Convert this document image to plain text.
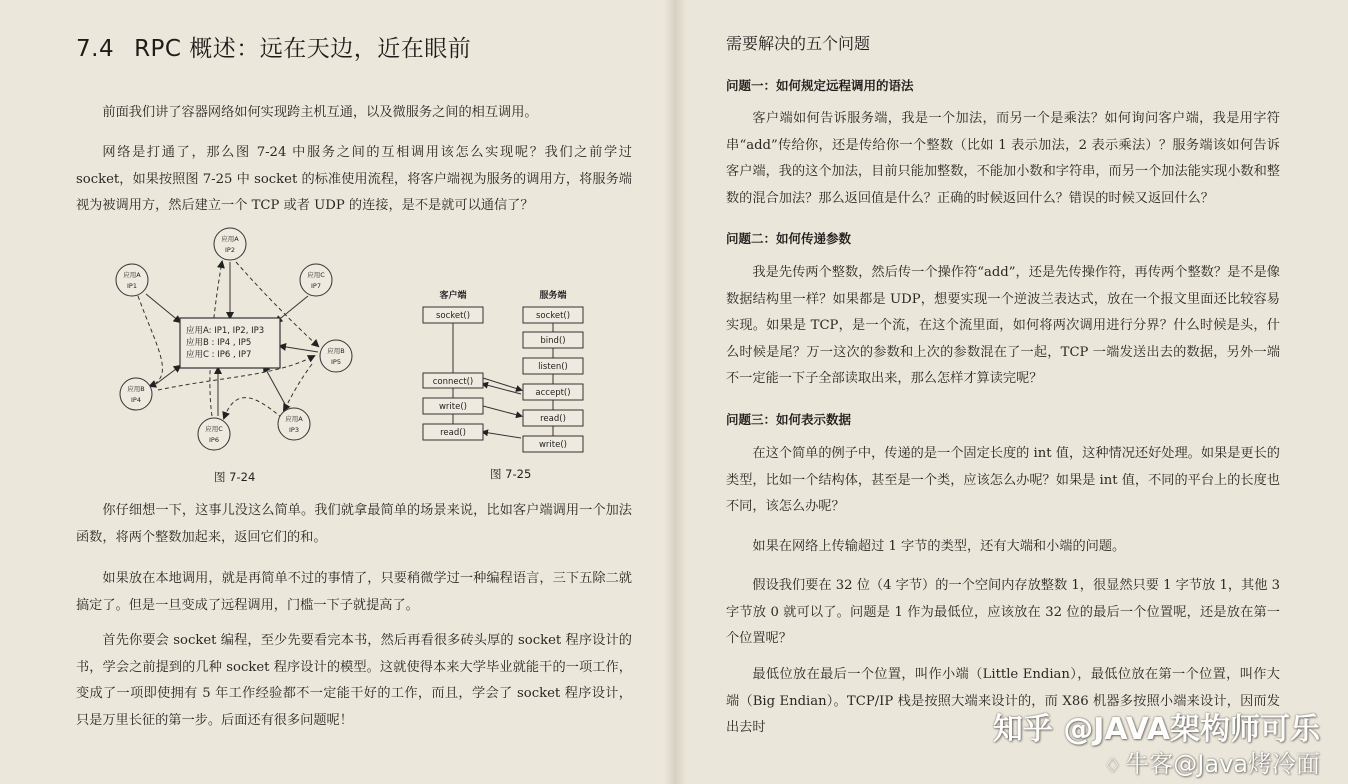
7.4 RPC 概述：远在天边，近在眼前

前面我们讲了容器网络如何实现跨主机互通，以及微服务之间的相互调用。

网络是打通了，那么图 7-24 中服务之间的互相调用该怎么实现呢？我们之前学过 socket，如果按照图 7-25 中 socket 的标准使用流程，将客户端视为服务的调用方，将服务端视为被调用方，然后建立一个 TCP 或者 UDP 的连接，是不是就可以通信了？

应用A: IP1, IP2, IP3
应用B : IP4 , IP5
应用C : IP6 , IP7
应用A
IP2
应用A
IP1
应用C
IP7
应用B
IP5
应用B
IP4
应用C
IP6
应用A
IP3

图 7-24

客户端	服务端
socket()
connect()
write()
read()
socket()
bind()
listen()
accept()
read()
write()

图 7-25

你仔细想一下，这事儿没这么简单。我们就拿最简单的场景来说，比如客户端调用一个加法函数，将两个整数加起来，返回它们的和。

如果放在本地调用，就是再简单不过的事情了，只要稍微学过一种编程语言，三下五除二就搞定了。但是一旦变成了远程调用，门槛一下子就提高了。

首先你要会 socket 编程，至少先要看完本书，然后再看很多砖头厚的 socket 程序设计的书，学会之前提到的几种 socket 程序设计的模型。这就使得本来大学毕业就能干的一项工作，变成了一项即使拥有 5 年工作经验都不一定能干好的工作，而且，学会了 socket 程序设计，只是万里长征的第一步。后面还有很多问题呢！

需要解决的五个问题
问题一：如何规定远程调用的语法

客户端如何告诉服务端，我是一个加法，而另一个是乘法？如何询问客户端，我是用字符串“add”传给你，还是传给你一个整数（比如 1 表示加法，2 表示乘法）？服务端该如何告诉客户端，我的这个加法，目前只能加整数，不能加小数和字符串，而另一个加法能实现小数和整数的混合加法？那么返回值是什么？正确的时候返回什么？错误的时候又返回什么？

问题二：如何传递参数

我是先传两个整数，然后传一个操作符“add”，还是先传操作符，再传两个整数？是不是像数据结构里一样？如果都是 UDP，想要实现一个逆波兰表达式，放在一个报文里面还比较容易实现。如果是 TCP，是一个流，在这个流里面，如何将两次调用进行分界？什么时候是头，什么时候是尾？万一这次的参数和上次的参数混在了一起，TCP 一端发送出去的数据，另外一端不一定能一下子全部读取出来，那么怎样才算读完呢？

问题三：如何表示数据

在这个简单的例子中，传递的是一个固定长度的 int 值，这种情况还好处理。如果是更长的类型，比如一个结构体，甚至是一个类，应该怎么办呢？如果是 int 值，不同的平台上的长度也不同，该怎么办呢？

如果在网络上传输超过 1 字节的类型，还有大端和小端的问题。

假设我们要在 32 位（4 字节）的一个空间内存放整数 1，很显然只要 1 字节放 1，其他 3 字节放 0 就可以了。问题是 1 作为最低位，应该放在 32 位的最后一个位置呢，还是放在第一个位置呢？

最低位放在最后一个位置，叫作小端（Little Endian），最低位放在第一个位置，叫作大端（Big Endian）。TCP/IP 栈是按照大端来设计的，而 X86 机器多按照小端来设计，因而发出去时	知乎 @JAVA架构师可乐
♢ 牛客@Java烤冷面
